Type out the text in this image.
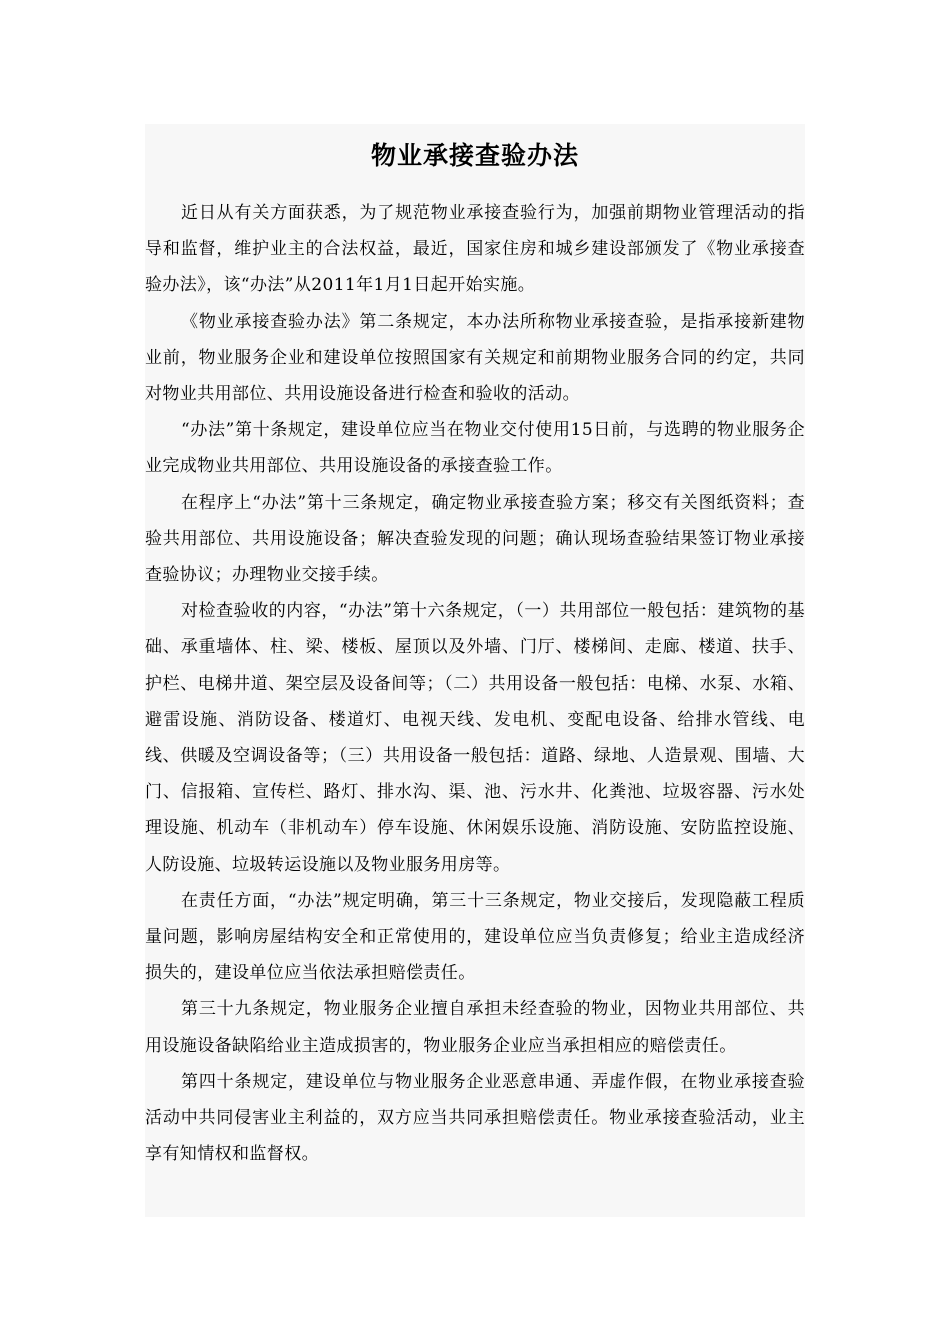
物业承接查验办法

近日从有关方面获悉，为了规范物业承接查验行为，加强前期物业管理活动的指导和监督，维护业主的合法权益，最近，国家住房和城乡建设部颁发了《物业承接查验办法》，该“办法”从2011年1月1日起开始实施。

《物业承接查验办法》第二条规定，本办法所称物业承接查验，是指承接新建物业前，物业服务企业和建设单位按照国家有关规定和前期物业服务合同的约定，共同对物业共用部位、共用设施设备进行检查和验收的活动。

“办法”第十条规定，建设单位应当在物业交付使用15日前，与选聘的物业服务企业完成物业共用部位、共用设施设备的承接查验工作。

在程序上“办法”第十三条规定，确定物业承接查验方案；移交有关图纸资料；查验共用部位、共用设施设备；解决查验发现的问题；确认现场查验结果签订物业承接查验协议；办理物业交接手续。

对检查验收的内容，“办法”第十六条规定，（一）共用部位一般包括：建筑物的基础、承重墙体、柱、梁、楼板、屋顶以及外墙、门厅、楼梯间、走廊、楼道、扶手、护栏、电梯井道、架空层及设备间等；（二）共用设备一般包括：电梯、水泵、水箱、避雷设施、消防设备、楼道灯、电视天线、发电机、变配电设备、给排水管线、电线、供暖及空调设备等；（三）共用设备一般包括：道路、绿地、人造景观、围墙、大门、信报箱、宣传栏、路灯、排水沟、渠、池、污水井、化粪池、垃圾容器、污水处理设施、机动车（非机动车）停车设施、休闲娱乐设施、消防设施、安防监控设施、人防设施、垃圾转运设施以及物业服务用房等。

在责任方面，“办法”规定明确，第三十三条规定，物业交接后，发现隐蔽工程质量问题，影响房屋结构安全和正常使用的，建设单位应当负责修复；给业主造成经济损失的，建设单位应当依法承担赔偿责任。

第三十九条规定，物业服务企业擅自承担未经查验的物业，因物业共用部位、共用设施设备缺陷给业主造成损害的，物业服务企业应当承担相应的赔偿责任。

第四十条规定，建设单位与物业服务企业恶意串通、弄虚作假，在物业承接查验活动中共同侵害业主利益的，双方应当共同承担赔偿责任。物业承接查验活动，业主享有知情权和监督权。
